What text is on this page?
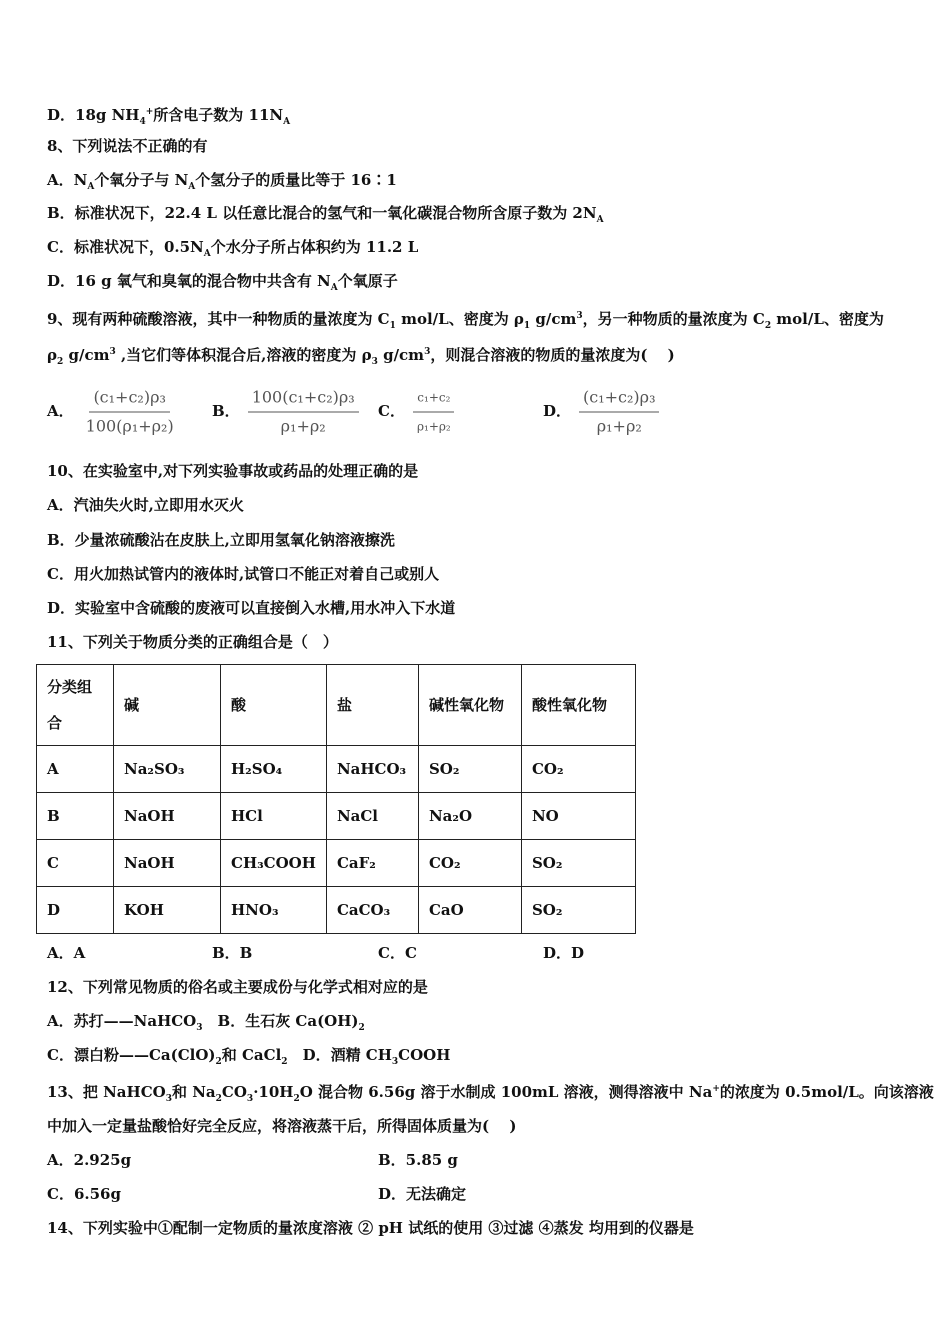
D．18g $NH_4^+$所含电子数为 $11N_A$
8、下列说法不正确的有
A．$N_A$个氧分子与 $N_A$个氢分子的质量比等于 16∶1
B．标准状况下，22.4 L 以任意比混合的氢气和一氧化碳混合物所含原子数为 $2N_A$
C．标准状况下，$0.5N_A$个水分子所占体积约为 11.2 L
D．16 g 氧气和臭氧的混合物中共含有 $N_A$个氧原子
9、现有两种硫酸溶液，其中一种物质的量浓度为 $C_1$ mol/L、密度为 $\rho_1$ $g/cm^3$，另一种物质的量浓度为 $C_2$ mol/L、密度为
$\rho_2$ $g/cm^3$ ,当它们等体积混合后,溶液的密度为 $\rho_3$ $g/cm^3$，则混合溶液的物质的量浓度为(　 )
10、在实验室中,对下列实验事故或药品的处理正确的是
A．汽油失火时,立即用水灭火
B．少量浓硫酸沾在皮肤上,立即用氢氧化钠溶液擦洗
C．用火加热试管内的液体时,试管口不能正对着自己或别人
D．实验室中含硫酸的废液可以直接倒入水槽,用水冲入下水道
11、下列关于物质分类的正确组合是（　）
12、下列常见物质的俗名或主要成份与化学式相对应的是
A．苏打——NaHCO$_3$　B．生石灰 $Ca(OH)_2$
C．漂白粉$——Ca(ClO)_2$和 CaCl$_2$　D．酒精 $CH_3COOH$
13、把 NaHCO$_3$和 $Na_2CO_3\cdot 10H_2O$ 混合物 6.56g 溶于水制成 100mL 溶液，测得溶液中 Na+的浓度为 0.5mol/L。向该溶液
中加入一定量盐酸恰好完全反应，将溶液蒸干后，所得固体质量为(　 )
14、下列实验中①配制一定物质的量浓度溶液 ② pH 试纸的使用 ③过滤 ④蒸发 均用到的仪器是
A． $\frac{\text{(c₁+c₂)ρ₃}}{\text{100(ρ₁+ρ₂)}}$ B． $\frac{\text{100(c₁+c₂)ρ₃}}{\text{ρ₁+ρ₂}}$ C． $\frac{\text{c₁+c₂}}{\text{ρ₁+ρ₂}}$	D． $\frac{\text{(c₁+c₂)ρ₃}}{\text{ρ₁+ρ₂}}$
分类组合	碱	酸	盐	碱性氧化物	酸性氧化物
A	Na₂SO₃	H₂SO₄	NaHCO₃	SO₂	CO₂
B	NaOH	HCl	NaCl	Na₂O	NO
C	NaOH	CH₃COOH	CaF₂	CO₂	SO₂
D	KOH	HNO₃	CaCO₃	CaO	SO₂
A．A	B．B	C．C	D．D
A．2.925g	B．5.85 g
C．6.56g	D．无法确定
